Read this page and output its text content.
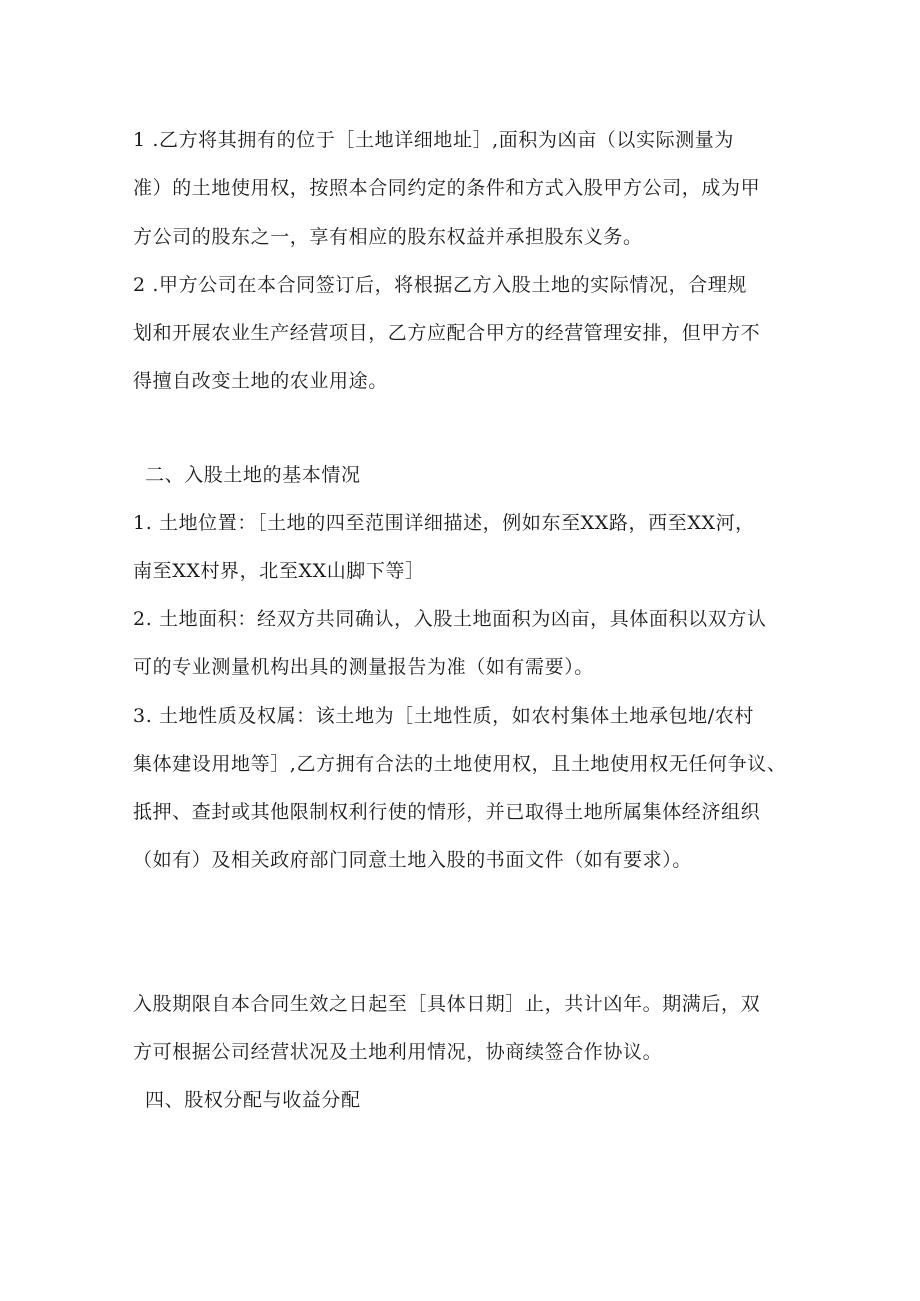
1 .乙方将其拥有的位于［土地详细地址］,面积为凶亩（以实际测量为
准）的土地使用权，按照本合同约定的条件和方式入股甲方公司，成为甲
方公司的股东之一，享有相应的股东权益并承担股东义务。
2 .甲方公司在本合同签订后，将根据乙方入股土地的实际情况，合理规
划和开展农业生产经营项目，乙方应配合甲方的经营管理安排，但甲方不
得擅自改变土地的农业用途。
二、入股土地的基本情况
1. 土地位置：［土地的四至范围详细描述，例如东至XX路，西至XX河，
南至XX村界，北至XX山脚下等］
2. 土地面积：经双方共同确认，入股土地面积为凶亩，具体面积以双方认
可的专业测量机构出具的测量报告为准（如有需要）。
3. 土地性质及权属：该土地为［土地性质，如农村集体土地承包地/农村
集体建设用地等］,乙方拥有合法的土地使用权，且土地使用权无任何争议、
抵押、查封或其他限制权利行使的情形，并已取得土地所属集体经济组织
（如有）及相关政府部门同意土地入股的书面文件（如有要求）。
入股期限自本合同生效之日起至［具体日期］止，共计凶年。期满后，双
方可根据公司经营状况及土地利用情况，协商续签合作协议。
四、股权分配与收益分配
